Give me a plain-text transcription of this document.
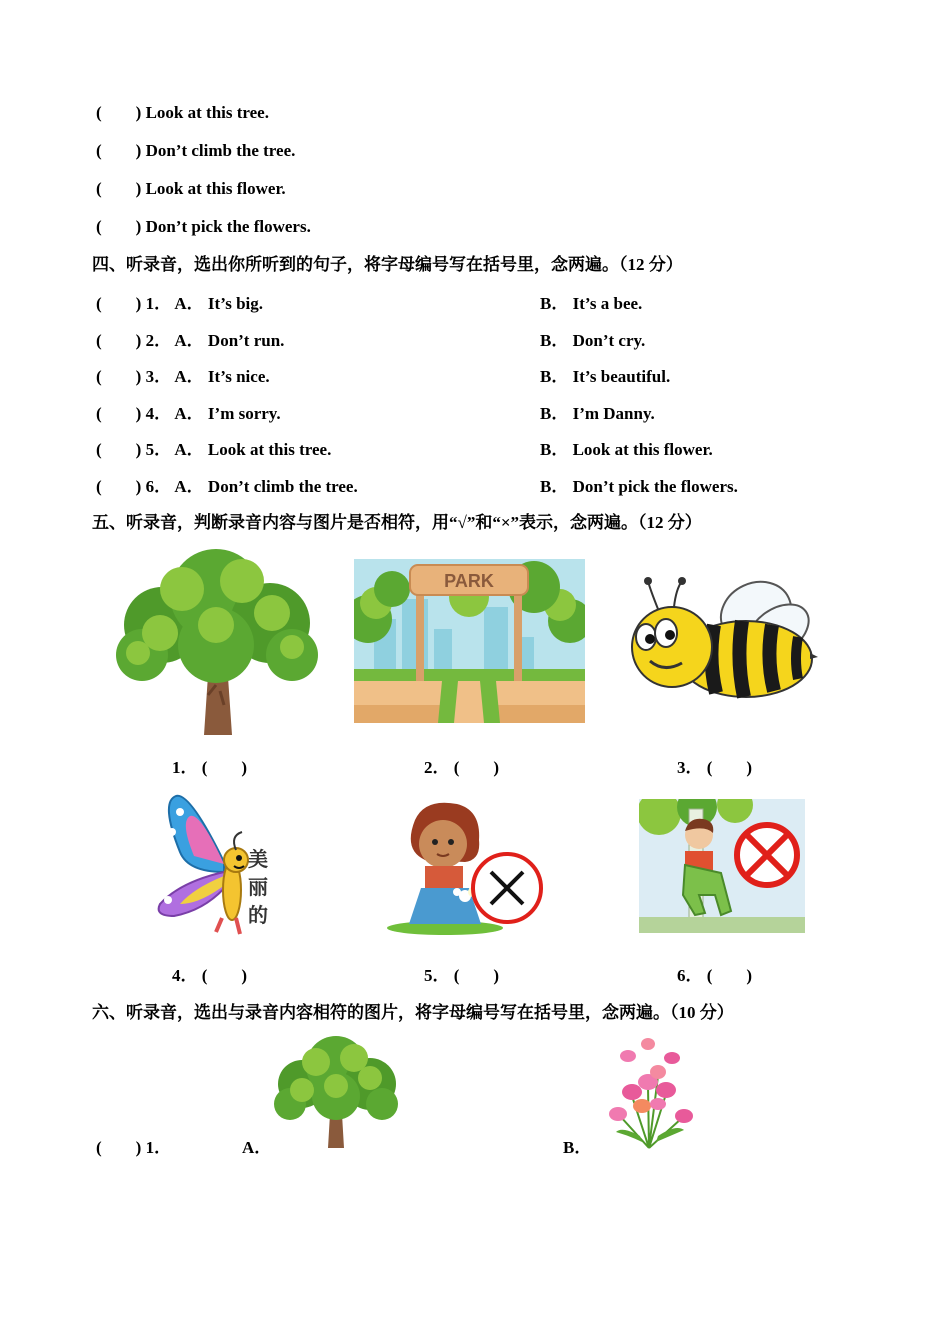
(　　) Look at this tree.
(　　) Don’t climb the tree.
(　　) Look at this flower.
(　　) Don’t pick the flowers.
四、听录音，选出你所听到的句子，将字母编号写在括号里，念两遍。（12 分）
(　　) 1． A． It’s big.	B． It’s a bee.
(　　) 2． A． Don’t run.	B． Don’t cry.
(　　) 3． A． It’s nice.	B． It’s beautiful.
(　　) 4． A． I’m sorry.	B． I’m Danny.
(　　) 5． A． Look at this tree.	B． Look at this flower.
(　　) 6． A． Don’t climb the tree.	B． Don’t pick the flowers.
五、听录音，判断录音内容与图片是否相符，用“√”和“×”表示，念两遍。（12 分）
PARK
1． (　　)	2． (　　)	3． (　　)
美
丽
的
4． (　　)	5． (　　)	6． (　　)
六、听录音，选出与录音内容相符的图片，将字母编号写在括号里，念两遍。（10 分）
(　　) 1．	A．	B．
